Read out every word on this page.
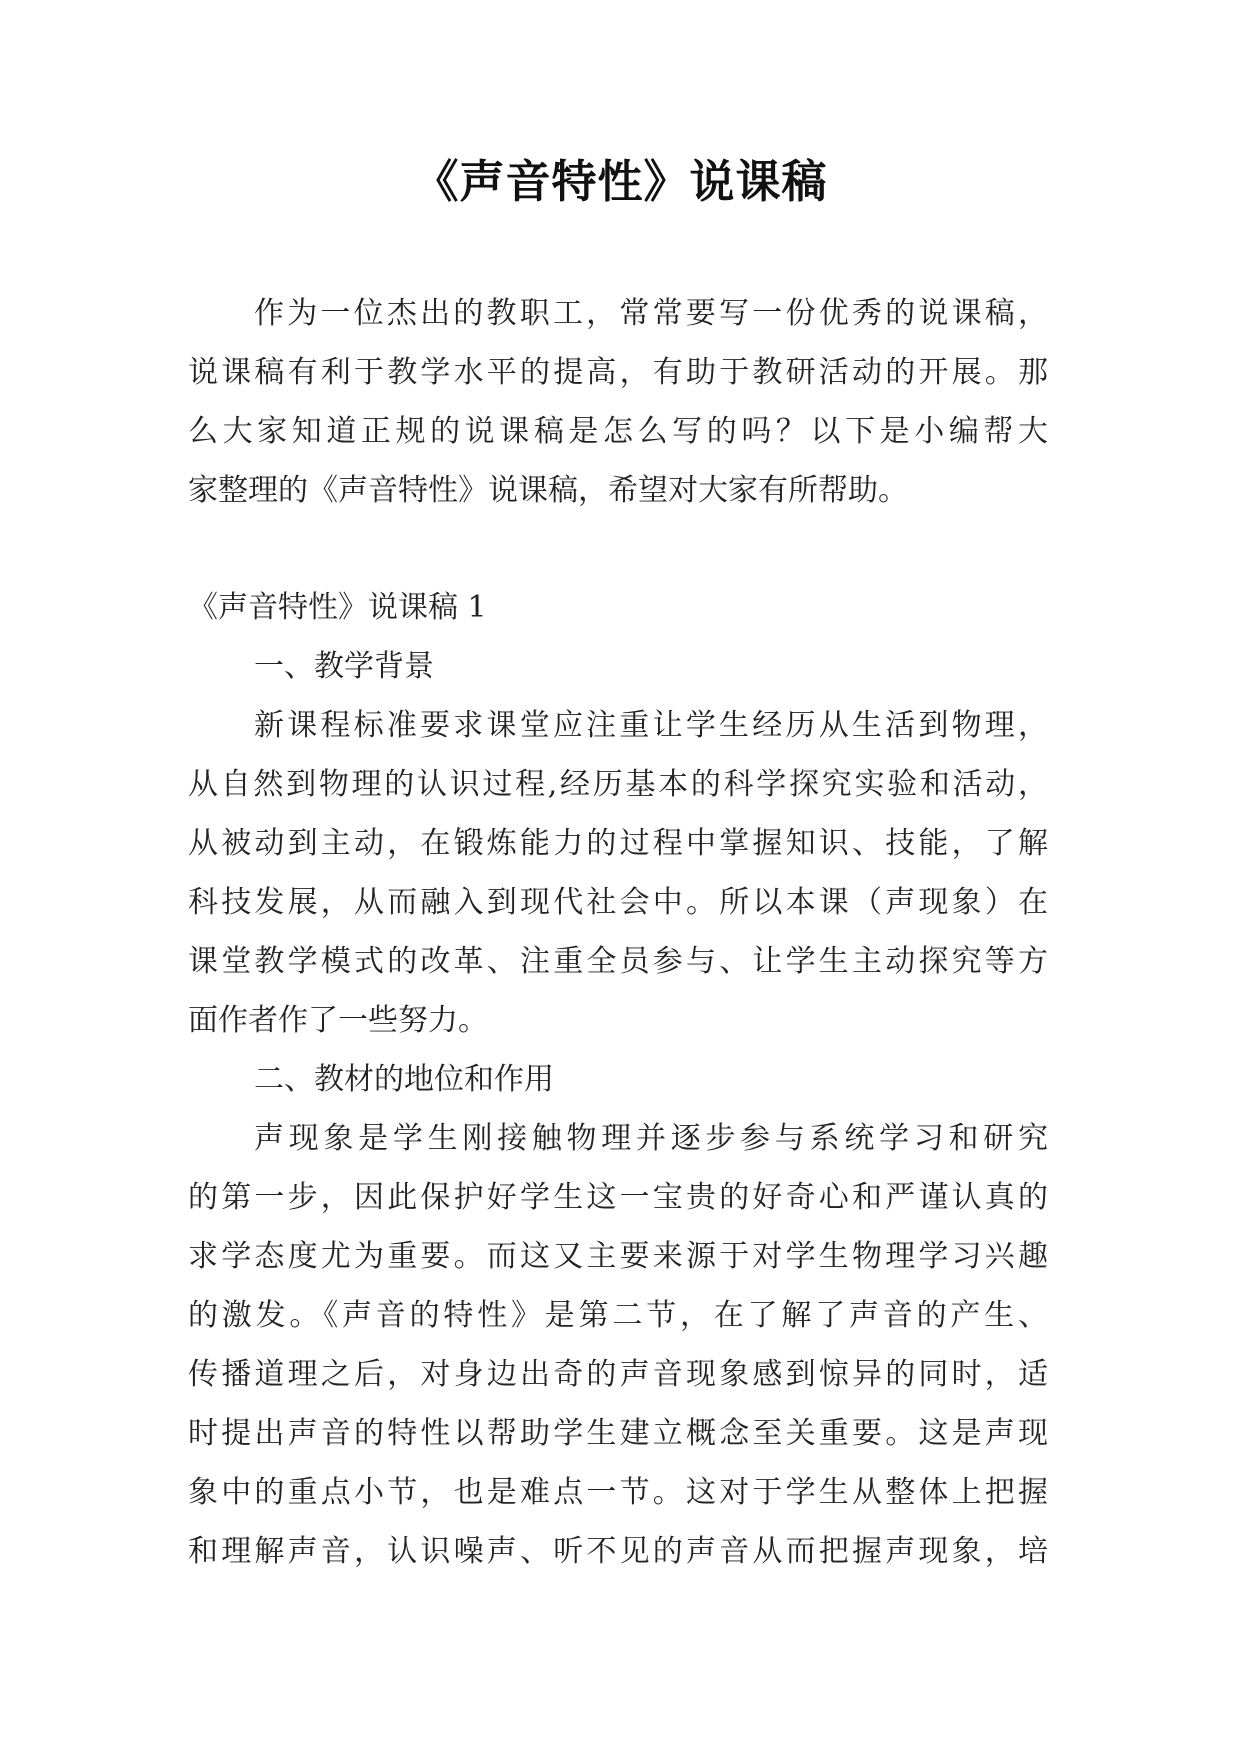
《声音特性》说课稿
作为一位杰出的教职工，常常要写一份优秀的说课稿，
说课稿有利于教学水平的提高，有助于教研活动的开展。那
么大家知道正规的说课稿是怎么写的吗？以下是小编帮大
家整理的《声音特性》说课稿，希望对大家有所帮助。
《声音特性》说课稿 1
一、教学背景
新课程标准要求课堂应注重让学生经历从生活到物理，
从自然到物理的认识过程,经历基本的科学探究实验和活动，
从被动到主动，在锻炼能力的过程中掌握知识、技能，了解
科技发展，从而融入到现代社会中。所以本课（声现象）在
课堂教学模式的改革、注重全员参与、让学生主动探究等方
面作者作了一些努力。
二、教材的地位和作用
声现象是学生刚接触物理并逐步参与系统学习和研究
的第一步，因此保护好学生这一宝贵的好奇心和严谨认真的
求学态度尤为重要。而这又主要来源于对学生物理学习兴趣
的激发。《声音的特性》是第二节，在了解了声音的产生、
传播道理之后，对身边出奇的声音现象感到惊异的同时，适
时提出声音的特性以帮助学生建立概念至关重要。这是声现
象中的重点小节，也是难点一节。这对于学生从整体上把握
和理解声音，认识噪声、听不见的声音从而把握声现象，培
